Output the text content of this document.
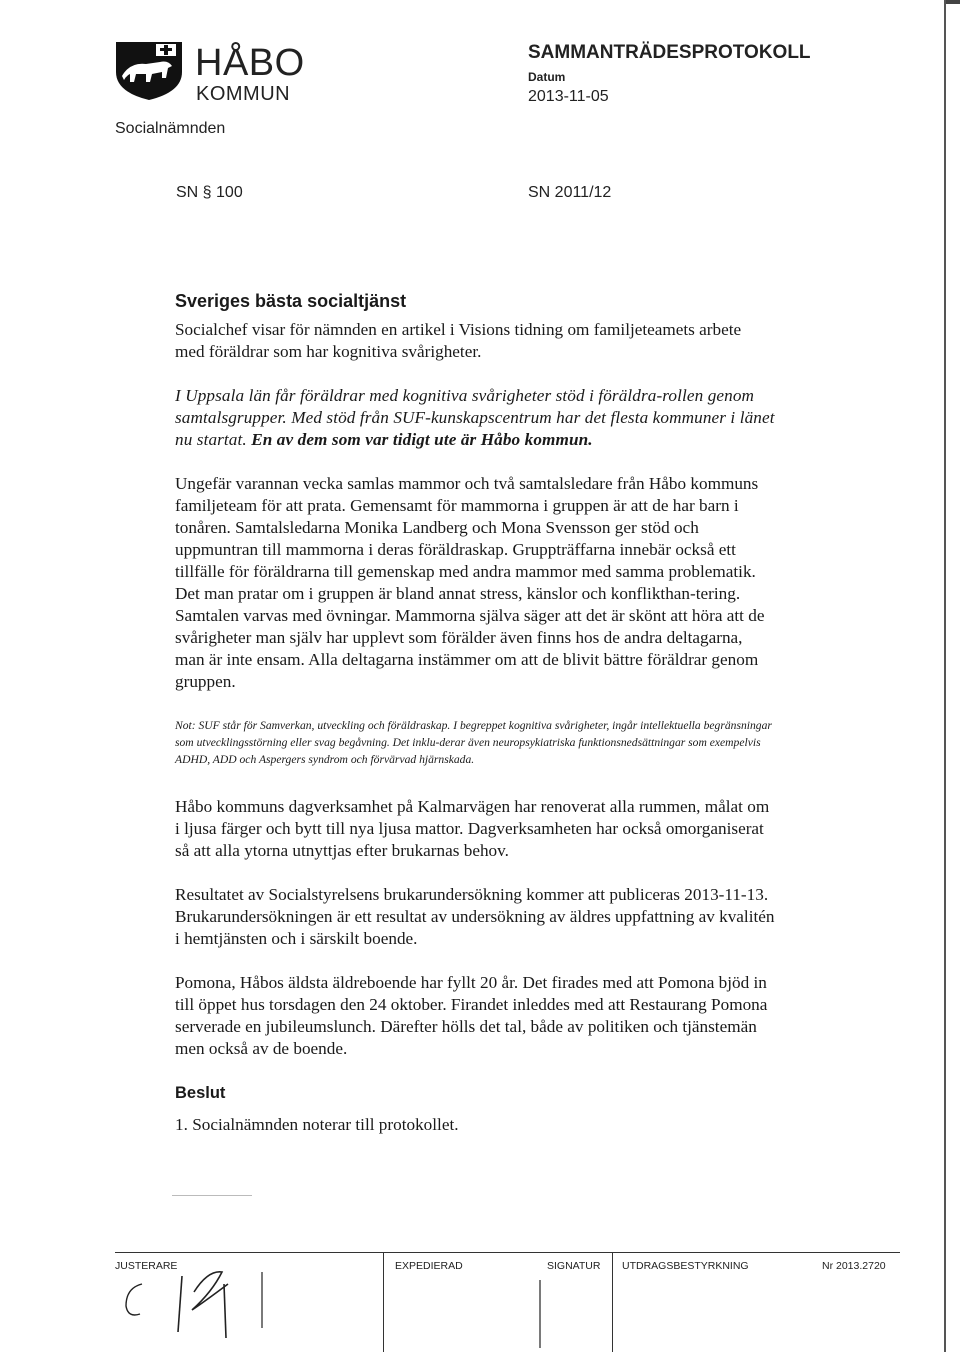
HÅBO
KOMMUN
Socialnämnden
SAMMANTRÄDESPROTOKOLL
Datum
2013-11-05
SN § 100	SN 2011/12
Sveriges bästa socialtjänst

Socialchef visar för nämnden en artikel i Visions tidning om familjeteamets arbete med föräldrar som har kognitiva svårigheter.

I Uppsala län får föräldrar med kognitiva svårigheter stöd i föräldra-rollen genom samtalsgrupper. Med stöd från SUF-kunskapscentrum har det flesta kommuner i länet nu startat. En av dem som var tidigt ute är Håbo kommun.

Ungefär varannan vecka samlas mammor och två samtalsledare från Håbo kommuns familjeteam för att prata. Gemensamt för mammorna i gruppen är att de har barn i tonåren. Samtalsledarna Monika Landberg och Mona Svensson ger stöd och uppmuntran till mammorna i deras föräldraskap. Gruppträffarna innebär också ett tillfälle för föräldrarna till gemenskap med andra mammor med samma problematik. Det man pratar om i gruppen är bland annat stress, känslor och konflikthan-tering. Samtalen varvas med övningar. Mammorna själva säger att det är skönt att höra att de svårigheter man själv har upplevt som förälder även finns hos de andra deltagarna, man är inte ensam. Alla deltagarna instämmer om att de blivit bättre föräldrar genom gruppen.

Not: SUF står för Samverkan, utveckling och föräldraskap. I begreppet kognitiva svårigheter, ingår intellektuella begränsningar som utvecklingsstörning eller svag begåvning. Det inklu-derar även neuropsykiatriska funktionsnedsättningar som exempelvis ADHD, ADD och Aspergers syndrom och förvärvad hjärnskada.

Håbo kommuns dagverksamhet på Kalmarvägen har renoverat alla rummen, målat om i ljusa färger och bytt till nya ljusa mattor. Dagverksamheten har också omorganiserat så att alla ytorna utnyttjas efter brukarnas behov.

Resultatet av Socialstyrelsens brukarundersökning kommer att publiceras 2013-11-13. Brukarundersökningen är ett resultat av undersökning av äldres uppfattning av kvalitén i hemtjänsten och i särskilt boende.

Pomona, Håbos äldsta äldreboende har fyllt 20 år. Det firades med att Pomona bjöd in till öppet hus torsdagen den 24 oktober. Firandet inleddes med att Restaurang Pomona serverade en jubileumslunch. Därefter hölls det tal, både av politiken och tjänstemän men också av de boende.

Beslut

1. Socialnämnden noterar till protokollet.

JUSTERARE	EXPEDIERAD	SIGNATUR UTDRAGSBESTYRKNING	Nr 2013.2720
